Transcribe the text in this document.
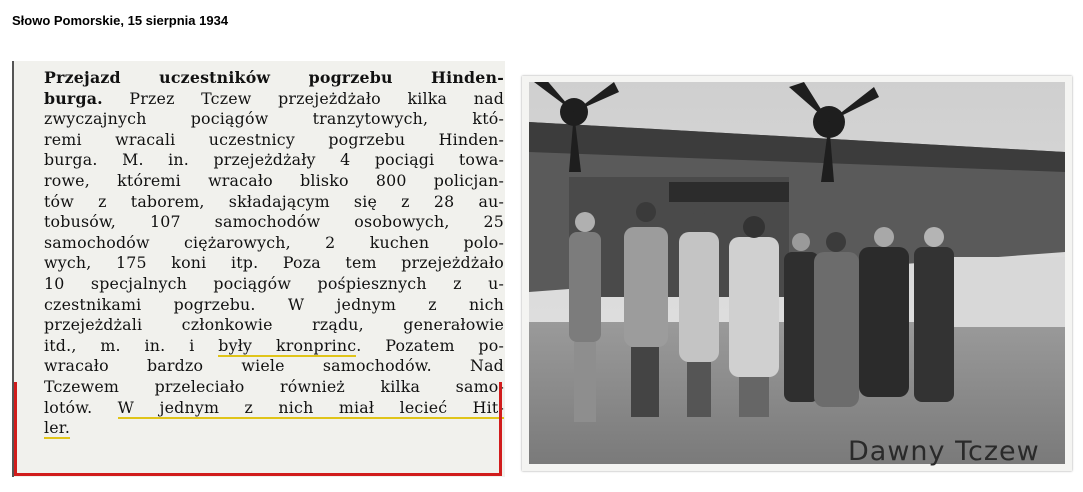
Słowo Pomorskie, 15 sierpnia 1934
Przejazd uczestników pogrzebu Hinden-
burga. Przez Tczew przejeżdżało kilka nad
zwyczajnych pociągów tranzytowych, któ-
remi wracali uczestnicy pogrzebu Hinden-
burga. M. in. przejeżdżały 4 pociągi towa-
rowe, któremi wracało blisko 800 policjan-
tów z taborem, składającym się z 28 au-
tobusów, 107 samochodów osobowych, 25
samochodów ciężarowych, 2 kuchen polo-
wych, 175 koni itp. Poza tem przejeżdżało
10 specjalnych pociągów pośpiesznych z u-
czestnikami pogrzebu. W jednym z nich
przejeżdżali członkowie rządu, generałowie
itd., m. in. i były kronprinc. Pozatem po-
wracało bardzo wiele samochodów. Nad
Tczewem przeleciało również kilka samo-
lotów. W jednym z nich miał lecieć Hit-
ler.
Dawny Tczew
